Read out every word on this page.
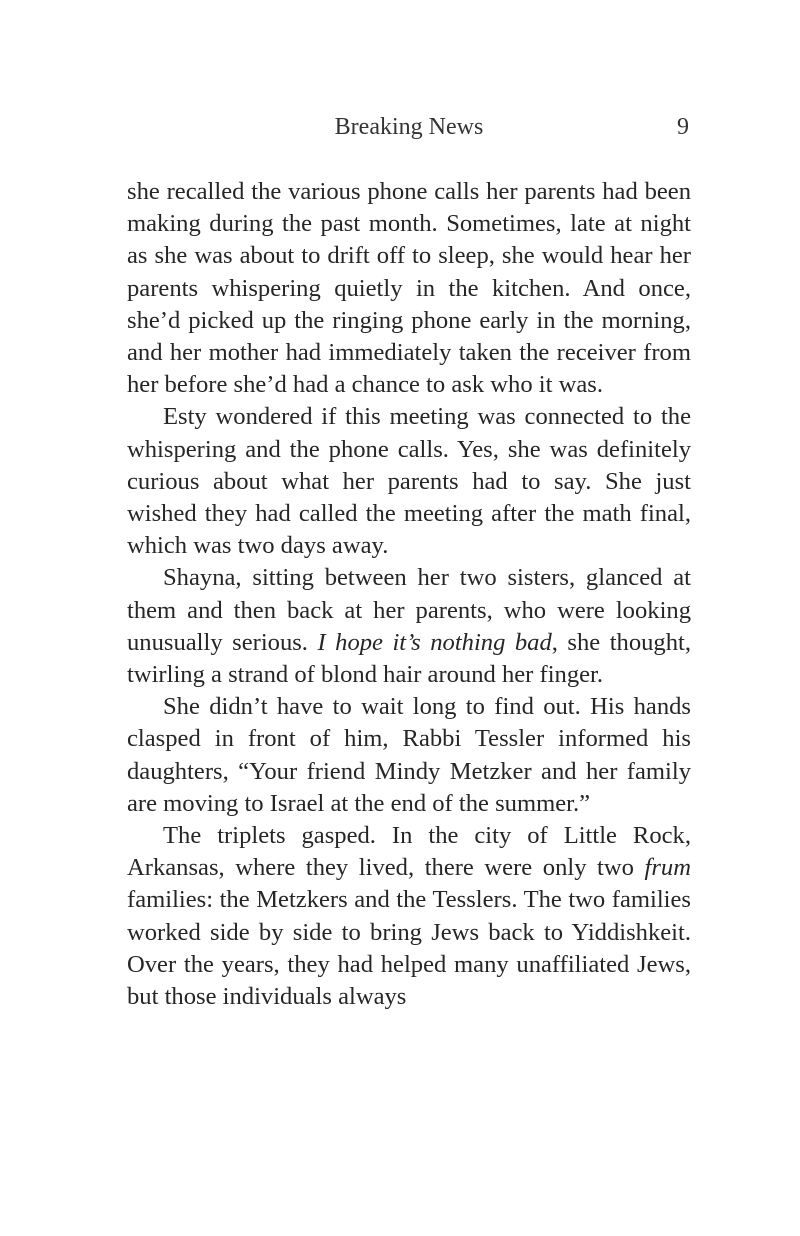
Breaking News	9

she recalled the various phone calls her parents had been making during the past month. Sometimes, late at night as she was about to drift off to sleep, she would hear her parents whispering quietly in the kitchen. And once, she’d picked up the ringing phone early in the morning, and her mother had immediately taken the receiver from her before she’d had a chance to ask who it was.

Esty wondered if this meeting was connected to the whispering and the phone calls. Yes, she was definitely curious about what her parents had to say. She just wished they had called the meeting after the math final, which was two days away.

Shayna, sitting between her two sisters, glanced at them and then back at her parents, who were looking unusually serious. I hope it’s nothing bad, she thought, twirling a strand of blond hair around her finger.

She didn’t have to wait long to find out. His hands clasped in front of him, Rabbi Tessler informed his daughters, “Your friend Mindy Metzker and her family are moving to Israel at the end of the summer.”

The triplets gasped. In the city of Little Rock, Arkansas, where they lived, there were only two frum families: the Metzkers and the Tesslers. The two families worked side by side to bring Jews back to Yiddishkeit. Over the years, they had helped many unaffiliated Jews, but those individuals always
